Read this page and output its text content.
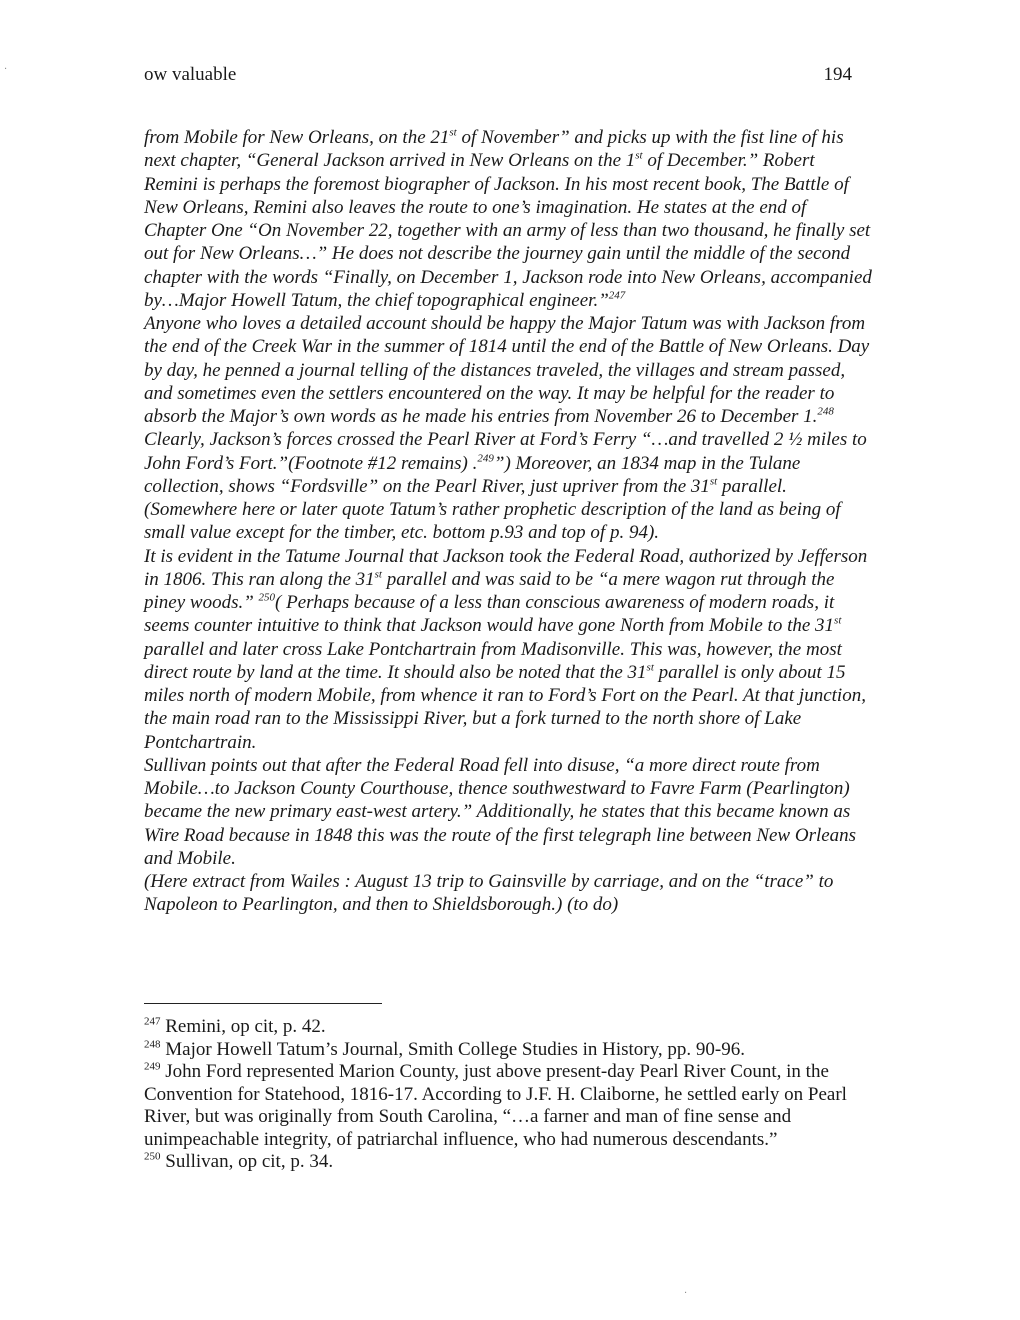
ow valuable	194

from Mobile for New Orleans, on the 21st of November” and picks up with the fist line of his next chapter, “General Jackson arrived in New Orleans on the 1st of December.” Robert Remini is perhaps the foremost biographer of Jackson. In his most recent book, The Battle of New Orleans, Remini also leaves the route to one’s imagination. He states at the end of Chapter One “On November 22, together with an army of less than two thousand, he finally set out for New Orleans…” He does not describe the journey gain until the middle of the second chapter with the words “Finally, on December 1, Jackson rode into New Orleans, accompanied by…Major Howell Tatum, the chief topographical engineer.”$^{247}$

Anyone who loves a detailed account should be happy the Major Tatum was with Jackson from the end of the Creek War in the summer of 1814 until the end of the Battle of New Orleans. Day by day, he penned a journal telling of the distances traveled, the villages and stream passed, and sometimes even the settlers encountered on the way. It may be helpful for the reader to absorb the Major’s own words as he made his entries from November 26 to December 1.$^{248}$

Clearly, Jackson’s forces crossed the Pearl River at Ford’s Ferry “…and travelled 2 ½ miles to John Ford’s Fort.”(Footnote #12 remains) .$^{249}$”) Moreover, an 1834 map in the Tulane collection, shows “Fordsville” on the Pearl River, just upriver from the 31st parallel.

(Somewhere here or later quote Tatum’s rather prophetic description of the land as being of small value except for the timber, etc. bottom p.93 and top of p. 94).

It is evident in the Tatume Journal that Jackson took the Federal Road, authorized by Jefferson in 1806. This ran along the 31st parallel and was said to be “a mere wagon rut through the piney woods.” $^{250}$( Perhaps because of a less than conscious awareness of modern roads, it seems counter intuitive to think that Jackson would have gone North from Mobile to the 31st parallel and later cross Lake Pontchartrain from Madisonville. This was, however, the most direct route by land at the time. It should also be noted that the 31st parallel is only about 15 miles north of modern Mobile, from whence it ran to Ford’s Fort on the Pearl. At that junction, the main road ran to the Mississippi River, but a fork turned to the north shore of Lake Pontchartrain.

Sullivan points out that after the Federal Road fell into disuse, “a more direct route from Mobile…to Jackson County Courthouse, thence southwestward to Favre Farm (Pearlington) became the new primary east-west artery.” Additionally, he states that this became known as Wire Road because in 1848 this was the route of the first telegraph line between New Orleans and Mobile.

(Here extract from Wailes : August 13 trip to Gainsville by carriage, and on the “trace” to Napoleon to Pearlington, and then to Shieldsborough.) (to do)

$^{247}$ Remini, op cit, p. 42.

$^{248}$ Major Howell Tatum’s Journal, Smith College Studies in History, pp. 90-96.

$^{249}$ John Ford represented Marion County, just above present-day Pearl River Count, in the Convention for Statehood, 1816-17. According to J.F. H. Claiborne, he settled early on Pearl River, but was originally from South Carolina, “…a farner and man of fine sense and unimpeachable integrity, of patriarchal influence, who had numerous descendants.”

$^{250}$ Sullivan, op cit, p. 34.

·
·
